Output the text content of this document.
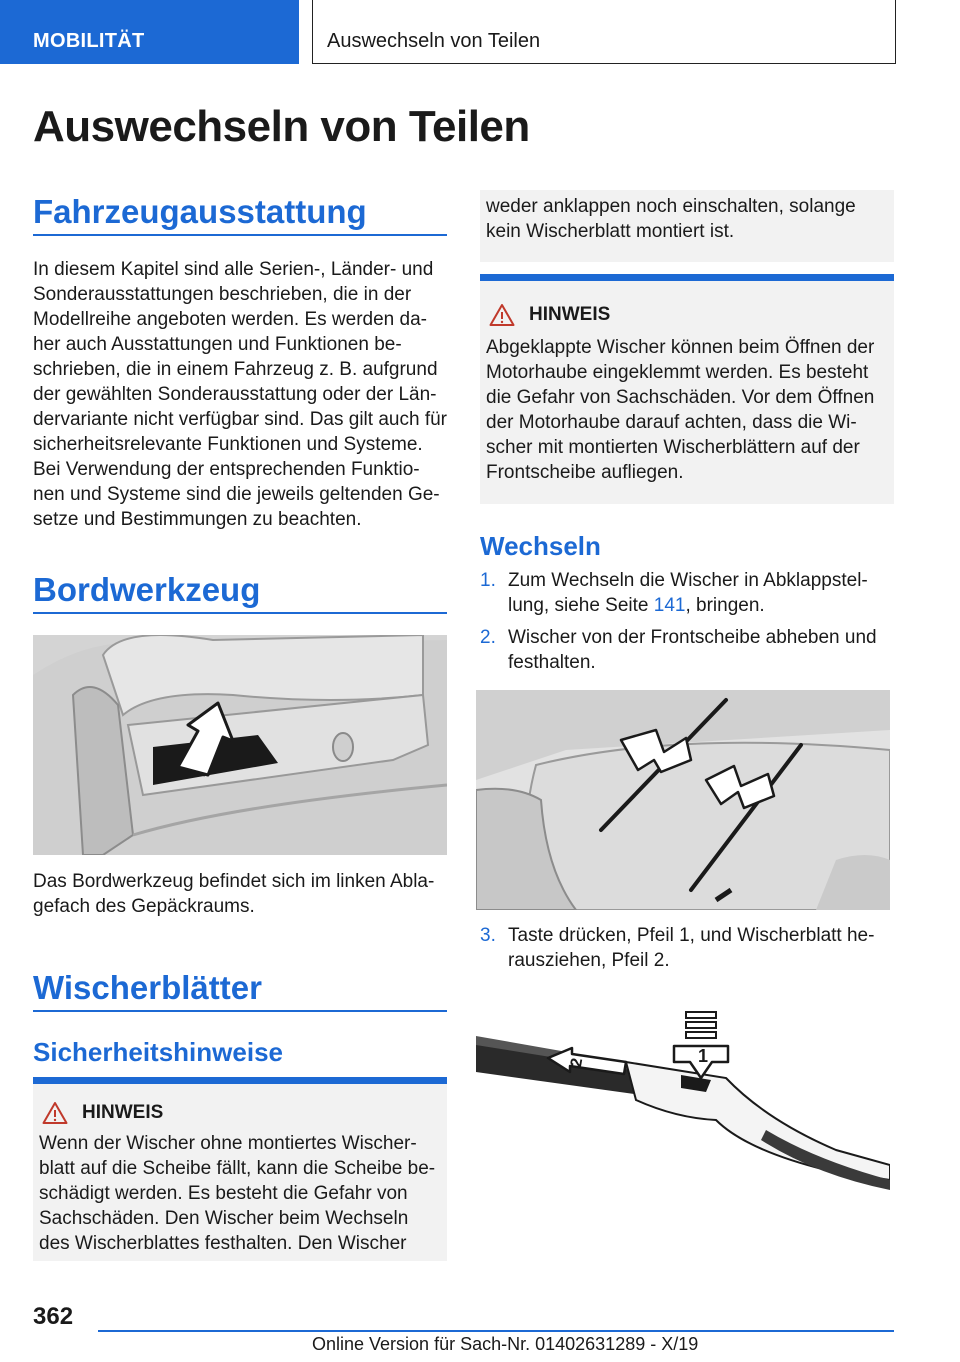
MOBILITÄT	Auswechseln von Teilen
Auswechseln von Teilen
Fahrzeugausstattung
In diesem Kapitel sind alle Serien-, Länder- und
Sonderausstattungen beschrieben, die in der
Modellreihe angeboten werden. Es werden da-
her auch Ausstattungen und Funktionen be-
schrieben, die in einem Fahrzeug z. B. aufgrund
der gewählten Sonderausstattung oder der Län-
dervariante nicht verfügbar sind. Das gilt auch für
sicherheitsrelevante Funktionen und Systeme.
Bei Verwendung der entsprechenden Funktio-
nen und Systeme sind die jeweils geltenden Ge-
setze und Bestimmungen zu beachten.
Bordwerkzeug
Das Bordwerkzeug befindet sich im linken Abla-
gefach des Gepäckraums.
Wischerblätter
Sicherheitshinweise
HINWEIS
Wenn der Wischer ohne montiertes Wischer-
blatt auf die Scheibe fällt, kann die Scheibe be-
schädigt werden. Es besteht die Gefahr von
Sachschäden. Den Wischer beim Wechseln
des Wischerblattes festhalten. Den Wischer
weder anklappen noch einschalten, solange
kein Wischerblatt montiert ist.
HINWEIS
Abgeklappte Wischer können beim Öffnen der
Motorhaube eingeklemmt werden. Es besteht
die Gefahr von Sachschäden. Vor dem Öffnen
der Motorhaube darauf achten, dass die Wi-
scher mit montierten Wischerblättern auf der
Frontscheibe aufliegen.
Wechseln
1. Zum Wechseln die Wischer in Abklappstel-
lung, siehe Seite 141, bringen.
2. Wischer von der Frontscheibe abheben und
festhalten.
3. Taste drücken, Pfeil 1, und Wischerblatt he-
rausziehen, Pfeil 2.
1
2
362
Online Version für Sach-Nr. 01402631289 - X/19
